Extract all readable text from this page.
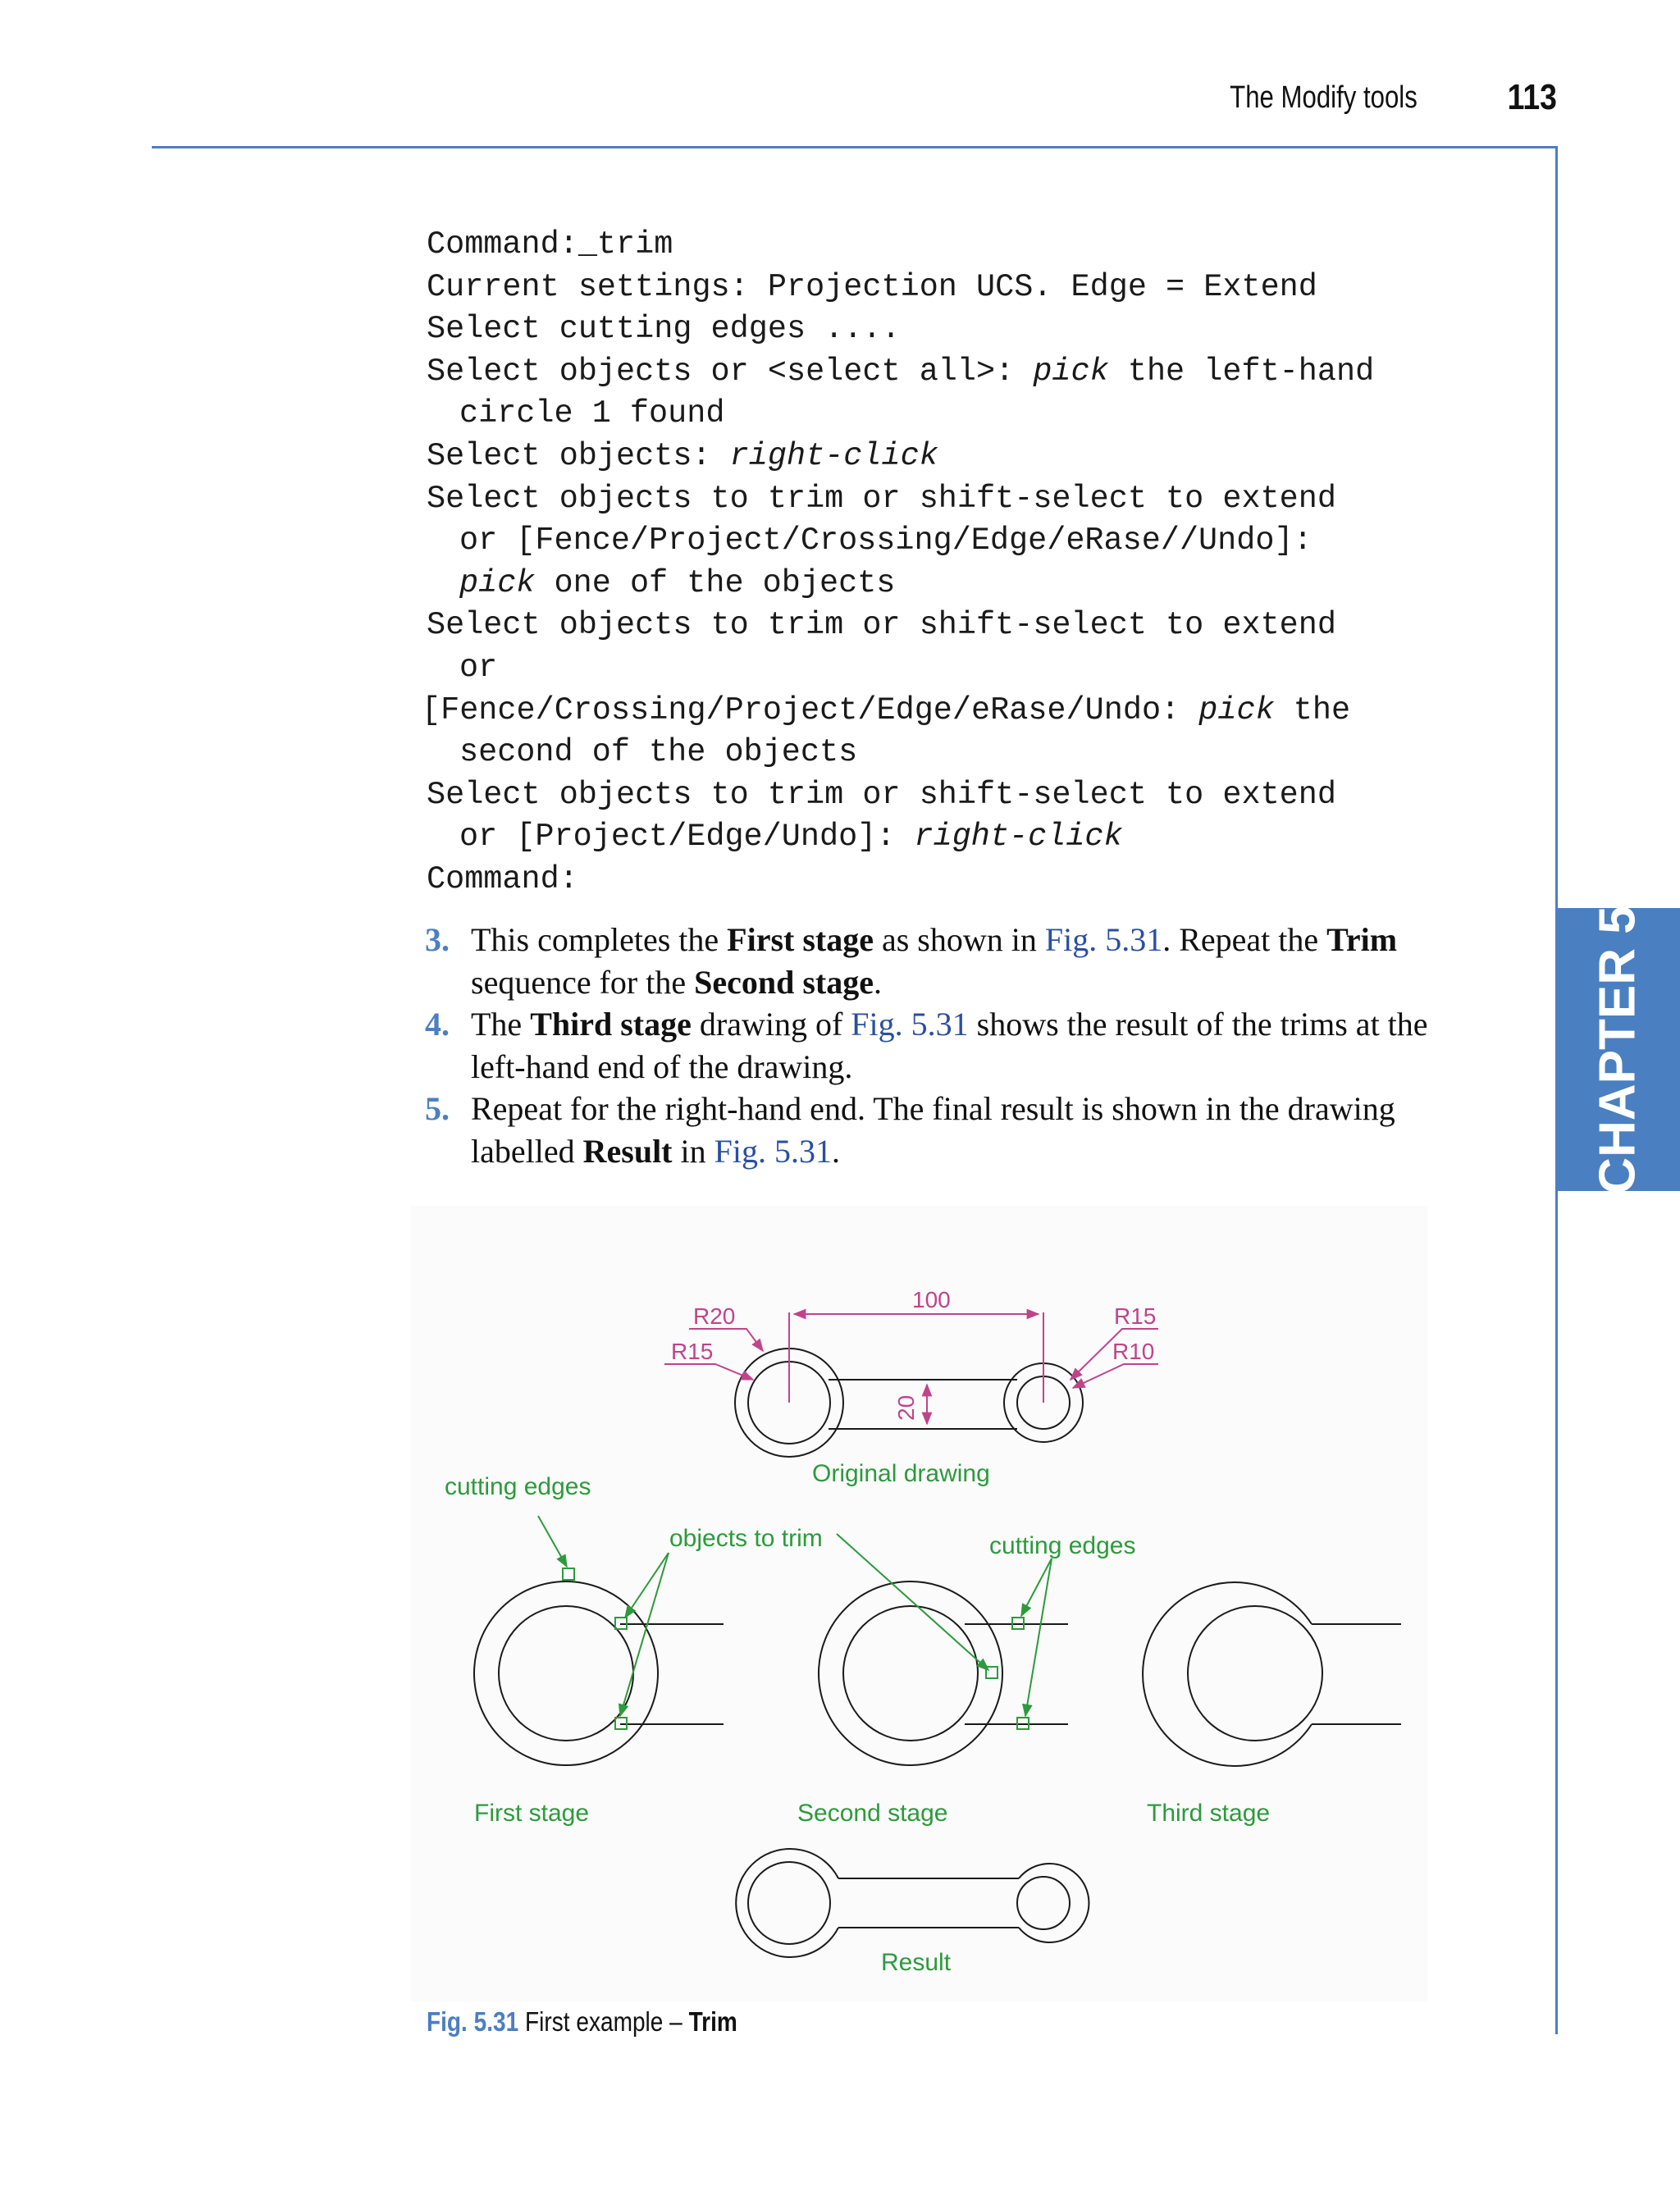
The Modify tools 113
CHAPTER 5
Command:_trim
Current settings: Projection UCS. Edge = Extend
Select cutting edges ....
Select objects or <select all>: pick the left-hand
circle 1 found
Select objects: right-click
Select objects to trim or shift-select to extend
or [Fence/Project/Crossing/Edge/eRase//Undo]:
pick one of the objects
Select objects to trim or shift-select to extend
or
[Fence/Crossing/Project/Edge/eRase/Undo: pick the
second of the objects
Select objects to trim or shift-select to extend
or [Project/Edge/Undo]: right-click
Command:
3. This completes the First stage as shown in Fig. 5.31. Repeat the Trim sequence for the Second stage.
4. The Third stage drawing of Fig. 5.31 shows the result of the trims at the left-hand end of the drawing.
5. Repeat for the right-hand end. The final result is shown in the drawing labelled Result in Fig. 5.31.
100
20
R20
R15
R15
R10
Original drawing
cutting edges
objects to trim
First stage
cutting edges
Second stage	Third stage
Result
Fig. 5.31 First example – Trim
